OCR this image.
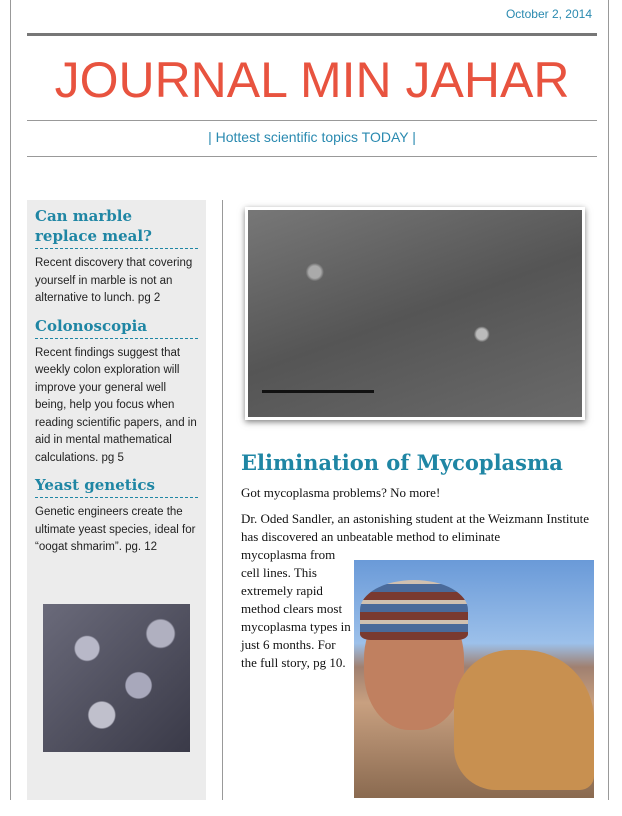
October 2, 2014
JOURNAL MIN JAHAR
| Hottest scientific topics TODAY |
Can marble replace meal?
Recent discovery that covering yourself in marble is not an alternative to lunch. pg 2
Colonoscopia
Recent findings suggest that weekly colon exploration will improve your general well being, help you focus when reading scientific papers, and in aid in mental mathematical calculations. pg 5
Yeast genetics
Genetic engineers create the ultimate yeast species, ideal for “oogat shmarim”. pg. 12
Elimination of Mycoplasma
Got mycoplasma problems? No more!
Dr. Oded Sandler, an astonishing student at the Weizmann Institute has discovered an unbeatable method to eliminate
mycoplasma from cell lines. This extremely rapid method clears most mycoplasma types in just 6 months. For the full story, pg 10.
